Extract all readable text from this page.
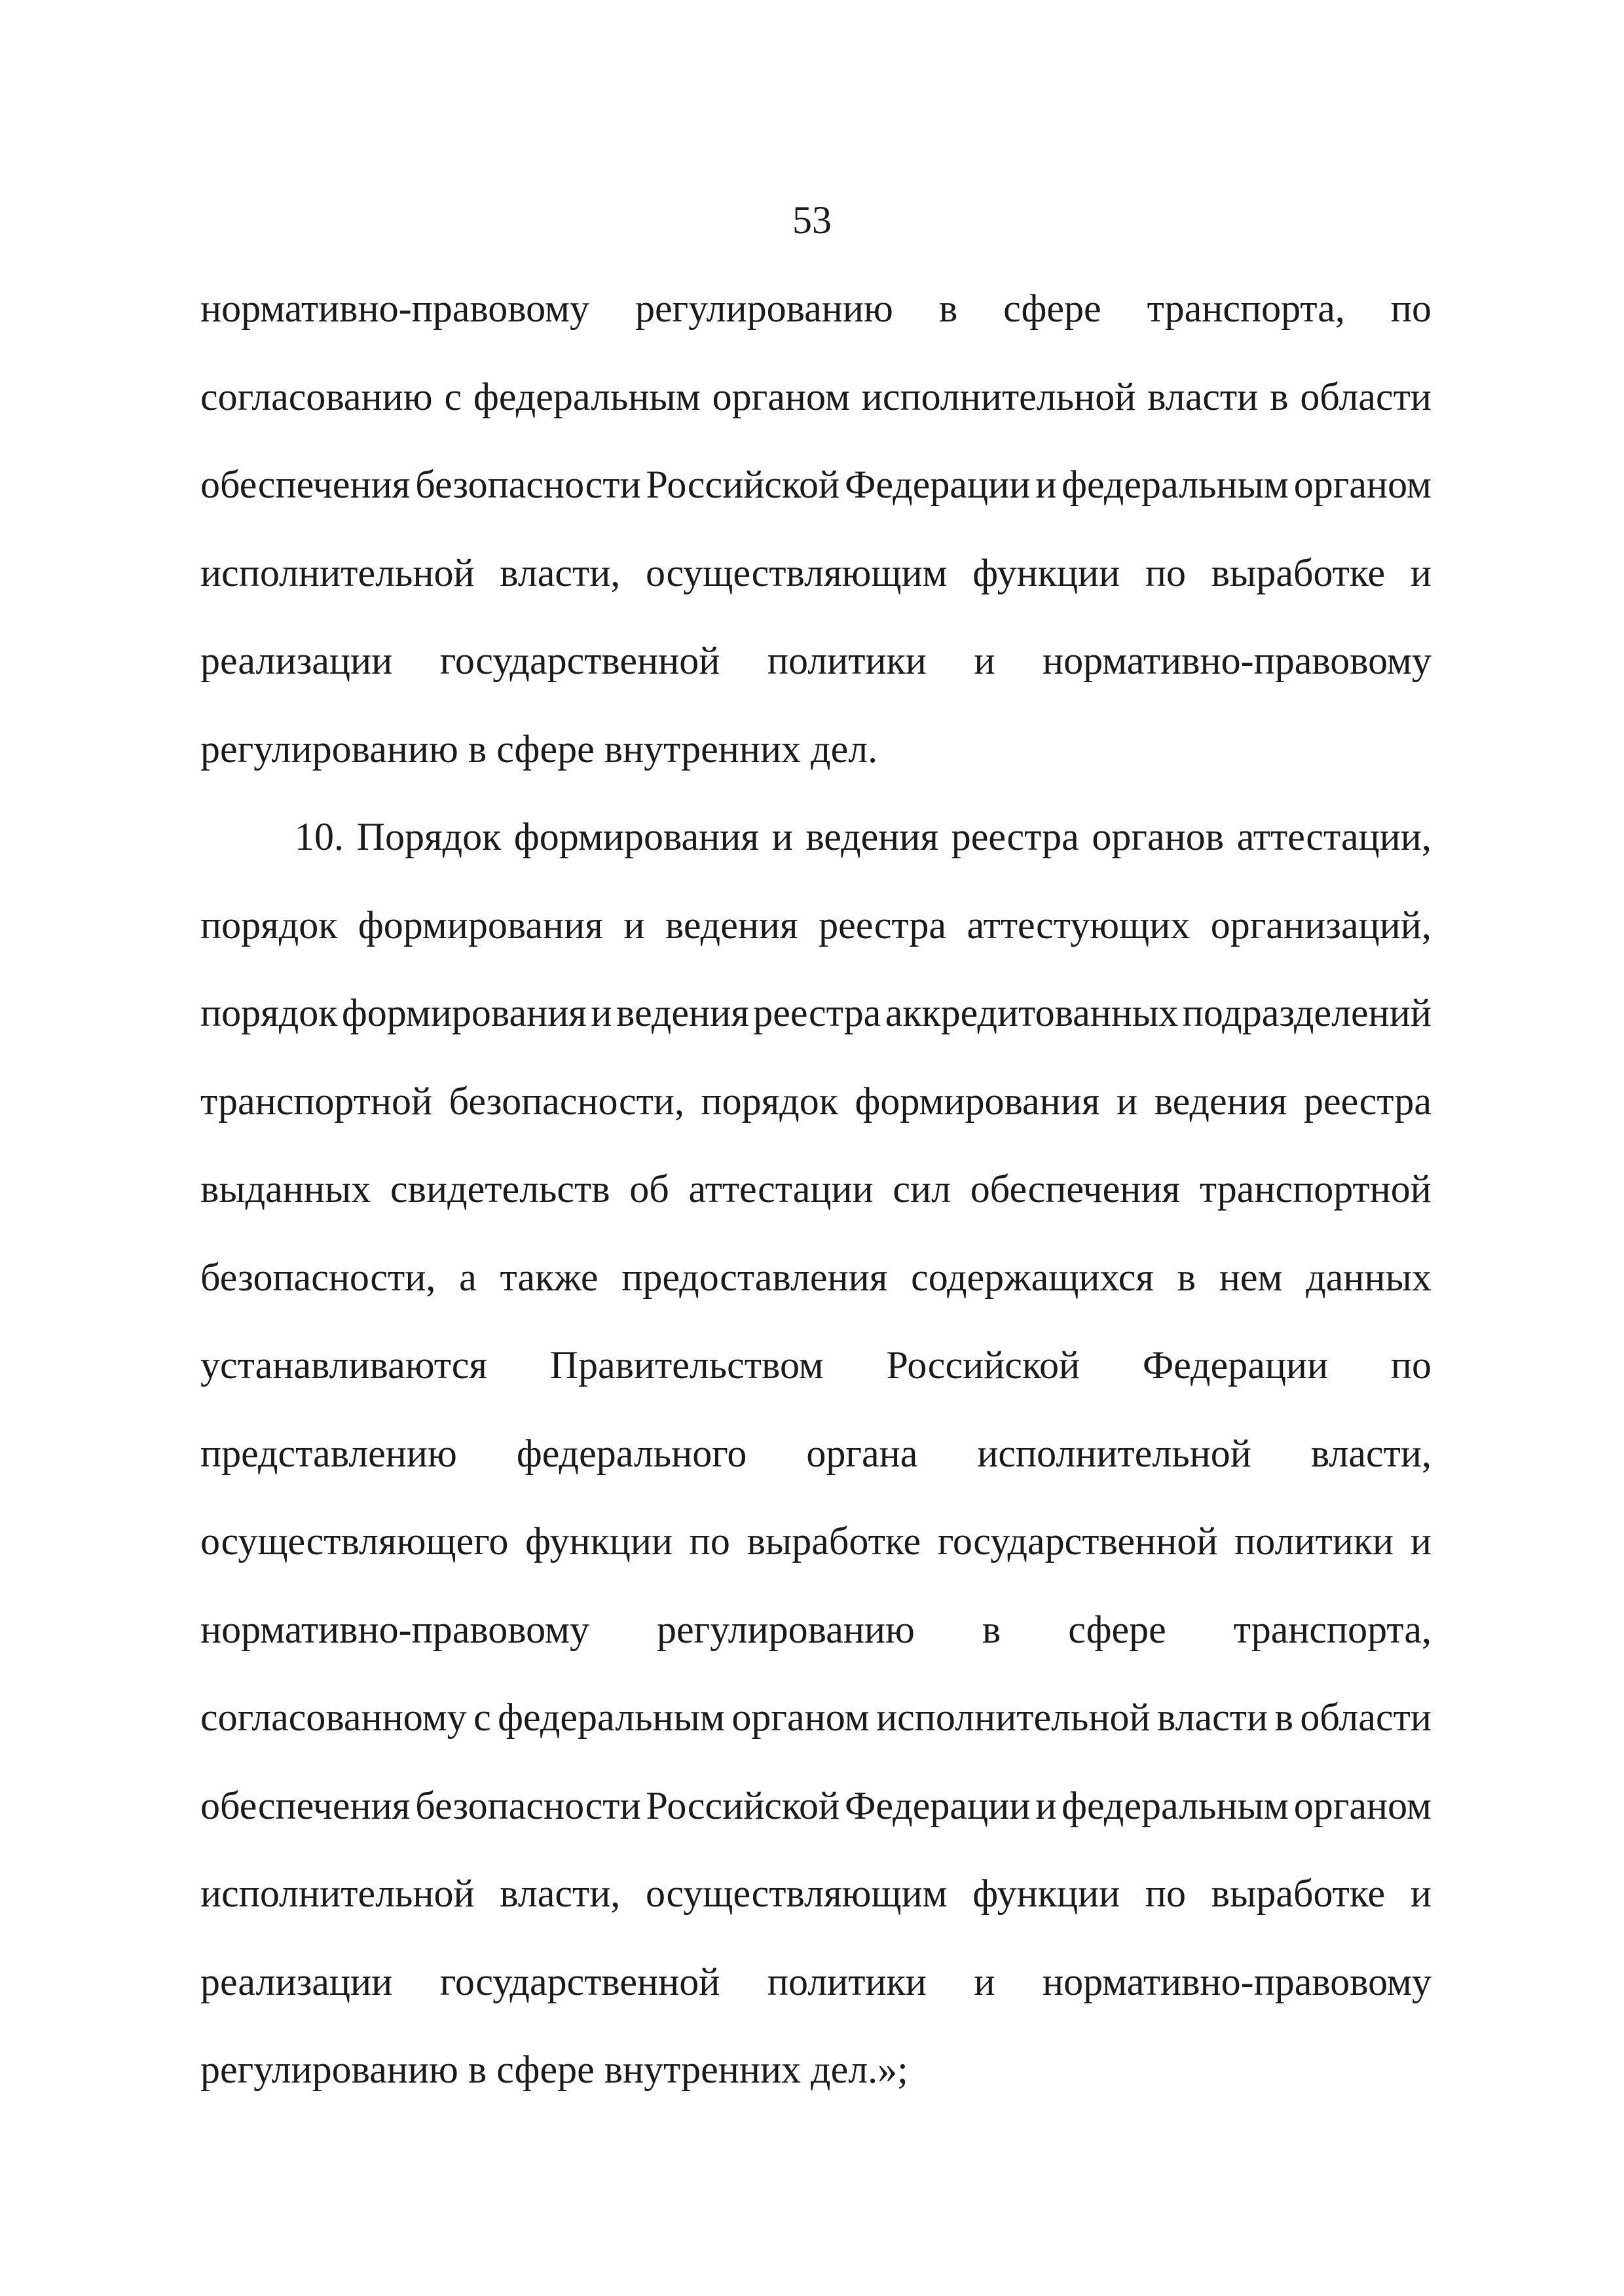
53
нормативно-правовому регулированию в сфере транспорта, по
согласованию с федеральным органом исполнительной власти в области
обеспечения безопасности Российской Федерации и федеральным органом
исполнительной власти, осуществляющим функции по выработке и
реализации государственной политики и нормативно-правовому
регулированию в сфере внутренних дел.
10. Порядок формирования и ведения реестра органов аттестации,
порядок формирования и ведения реестра аттестующих организаций,
порядок формирования и ведения реестра аккредитованных подразделений
транспортной безопасности, порядок формирования и ведения реестра
выданных свидетельств об аттестации сил обеспечения транспортной
безопасности, а также предоставления содержащихся в нем данных
устанавливаются Правительством Российской Федерации по
представлению федерального органа исполнительной власти,
осуществляющего функции по выработке государственной политики и
нормативно-правовому регулированию в сфере транспорта,
согласованному с федеральным органом исполнительной власти в области
обеспечения безопасности Российской Федерации и федеральным органом
исполнительной власти, осуществляющим функции по выработке и
реализации государственной политики и нормативно-правовому
регулированию в сфере внутренних дел.»;
